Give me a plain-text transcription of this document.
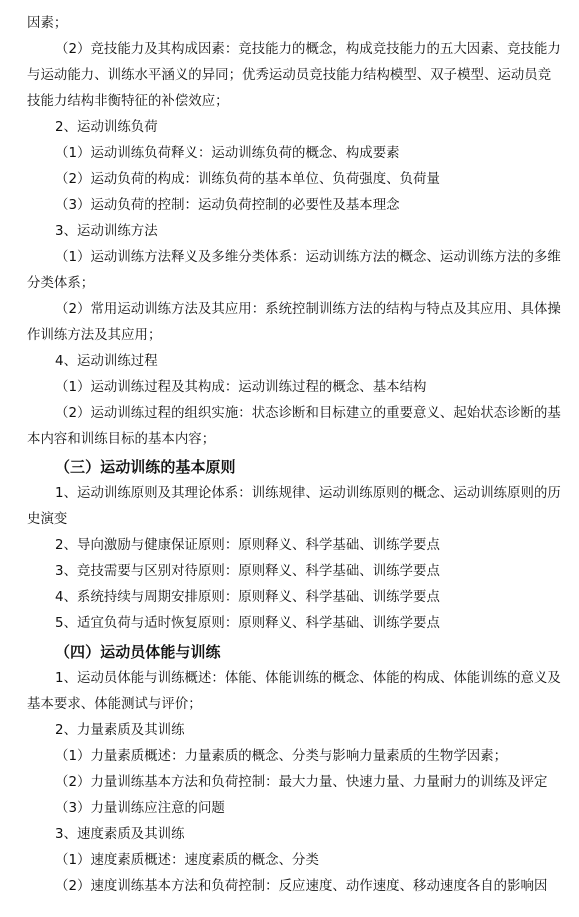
因素；
（2）竞技能力及其构成因素：竞技能力的概念，构成竞技能力的五大因素、竞技能力
与运动能力、训练水平涵义的异同；优秀运动员竞技能力结构模型、双子模型、运动员竞
技能力结构非衡特征的补偿效应；
2、运动训练负荷
（1）运动训练负荷释义：运动训练负荷的概念、构成要素
（2）运动负荷的构成：训练负荷的基本单位、负荷强度、负荷量
（3）运动负荷的控制：运动负荷控制的必要性及基本理念
3、运动训练方法
（1）运动训练方法释义及多维分类体系：运动训练方法的概念、运动训练方法的多维
分类体系；
（2）常用运动训练方法及其应用：系统控制训练方法的结构与特点及其应用、具体操
作训练方法及其应用；
4、运动训练过程
（1）运动训练过程及其构成：运动训练过程的概念、基本结构
（2）运动训练过程的组织实施：状态诊断和目标建立的重要意义、起始状态诊断的基
本内容和训练目标的基本内容；
（三）运动训练的基本原则
1、运动训练原则及其理论体系：训练规律、运动训练原则的概念、运动训练原则的历
史演变
2、导向激励与健康保证原则：原则释义、科学基础、训练学要点
3、竞技需要与区别对待原则：原则释义、科学基础、训练学要点
4、系统持续与周期安排原则：原则释义、科学基础、训练学要点
5、适宜负荷与适时恢复原则：原则释义、科学基础、训练学要点
（四）运动员体能与训练
1、运动员体能与训练概述：体能、体能训练的概念、体能的构成、体能训练的意义及
基本要求、体能测试与评价；
2、力量素质及其训练
（1）力量素质概述：力量素质的概念、分类与影响力量素质的生物学因素；
（2）力量训练基本方法和负荷控制：最大力量、快速力量、力量耐力的训练及评定
（3）力量训练应注意的问题
3、速度素质及其训练
（1）速度素质概述：速度素质的概念、分类
（2）速度训练基本方法和负荷控制：反应速度、动作速度、移动速度各自的影响因
